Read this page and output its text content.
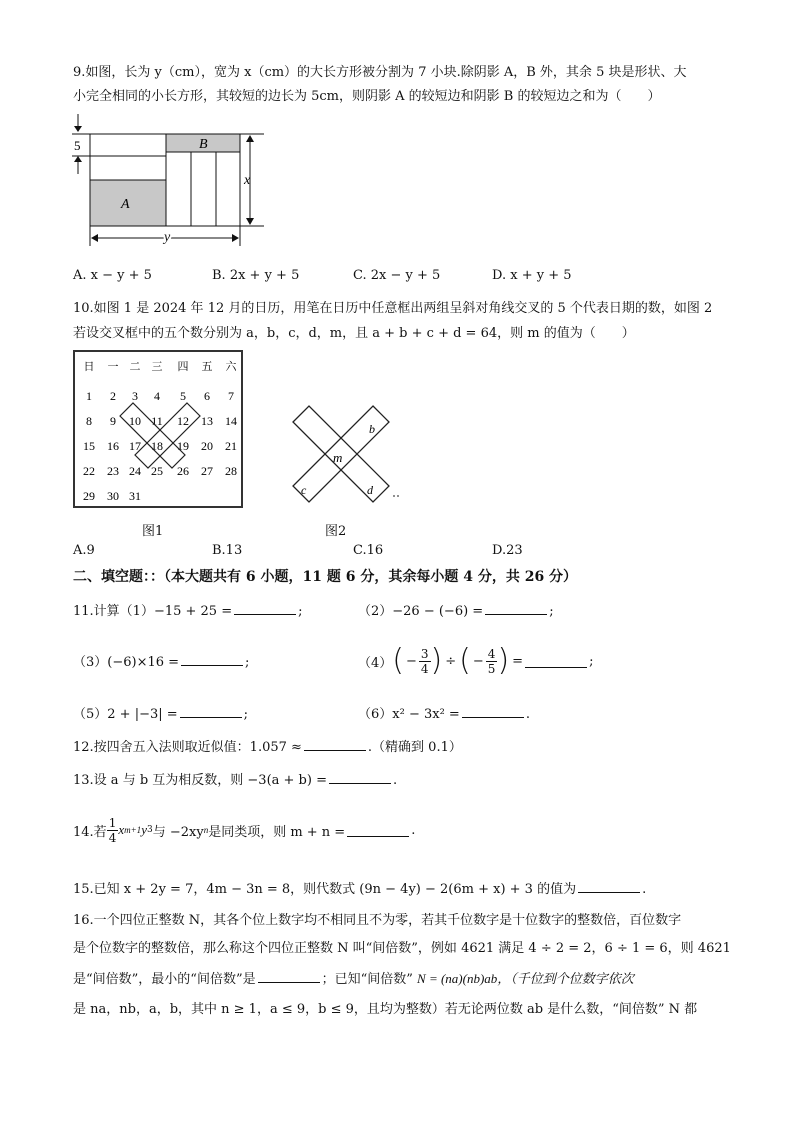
9.如图，长为 y（cm），宽为 x（cm）的大长方形被分割为 7 小块.除阴影 A，B 外，其余 5 块是形状、大
小完全相同的小长方形，其较短的边长为 5cm，则阴影 A 的较短边和阴影 B 的较短边之和为（　　）
5
A
B
x
y
A. x − y + 5	B. 2x + y + 5	C. 2x − y + 5	D. x + y + 5
10.如图 1 是 2024 年 12 月的日历，用笔在日历中任意框出两组呈斜对角线交叉的 5 个代表日期的数，如图 2
若设交叉框中的五个数分别为 a，b，c，d，m，且 a + b + c + d = 64，则 m 的值为（　　）
日 一 二 三 四 五 六
1 2 3 4 5 6 7
8 9 10 11 12 13 14
15 16 17 18 19 20 21
22 23 24 25 26 27 28
29 30 31
图1
b
m
c	d
图2
A.9	B.13	C.16	D.23
二、填空题：：（本大题共有 6 小题，11 题 6 分，其余每小题 4 分，共 26 分）
11.计算（1）−15 + 25 =	;	（2）−26 − (−6) =	;
（3）(−6)×16 =	;	（4） ( − $\frac{3}{4}$ ) ÷ ( − $\frac{4}{5}$ ) =	;
（5）2 + |−3| =	;	（6）x² − 3x² =	.
12.按四舍五入法则取近似值：1.057 ≈	.（精确到 0.1）
13.设 a 与 b 互为相反数，则 −3(a + b) =	.
14.若 $\frac{1}{4}$ x m+1 y 3 与 −2xy n 是同类项，则 m + n =	.
15.已知 x + 2y = 7，4m − 3n = 8，则代数式 (9n − 4y) − 2(6m + x) + 3 的值为	.
16.一个四位正整数 N，其各个位上数字均不相同且不为零，若其千位数字是十位数字的整数倍，百位数字
是个位数字的整数倍，那么称这个四位正整数 N 叫“间倍数”，例如 4621 满足 4 ÷ 2 = 2，6 ÷ 1 = 6，则 4621
是“间倍数”，最小的“间倍数”是	；已知“间倍数” N = (na)(nb)ab，（千位到个位数字依次
是 na，nb，a，b，其中 n ≥ 1，a ≤ 9，b ≤ 9，且均为整数）若无论两位数 ab 是什么数，“间倍数” N 都
